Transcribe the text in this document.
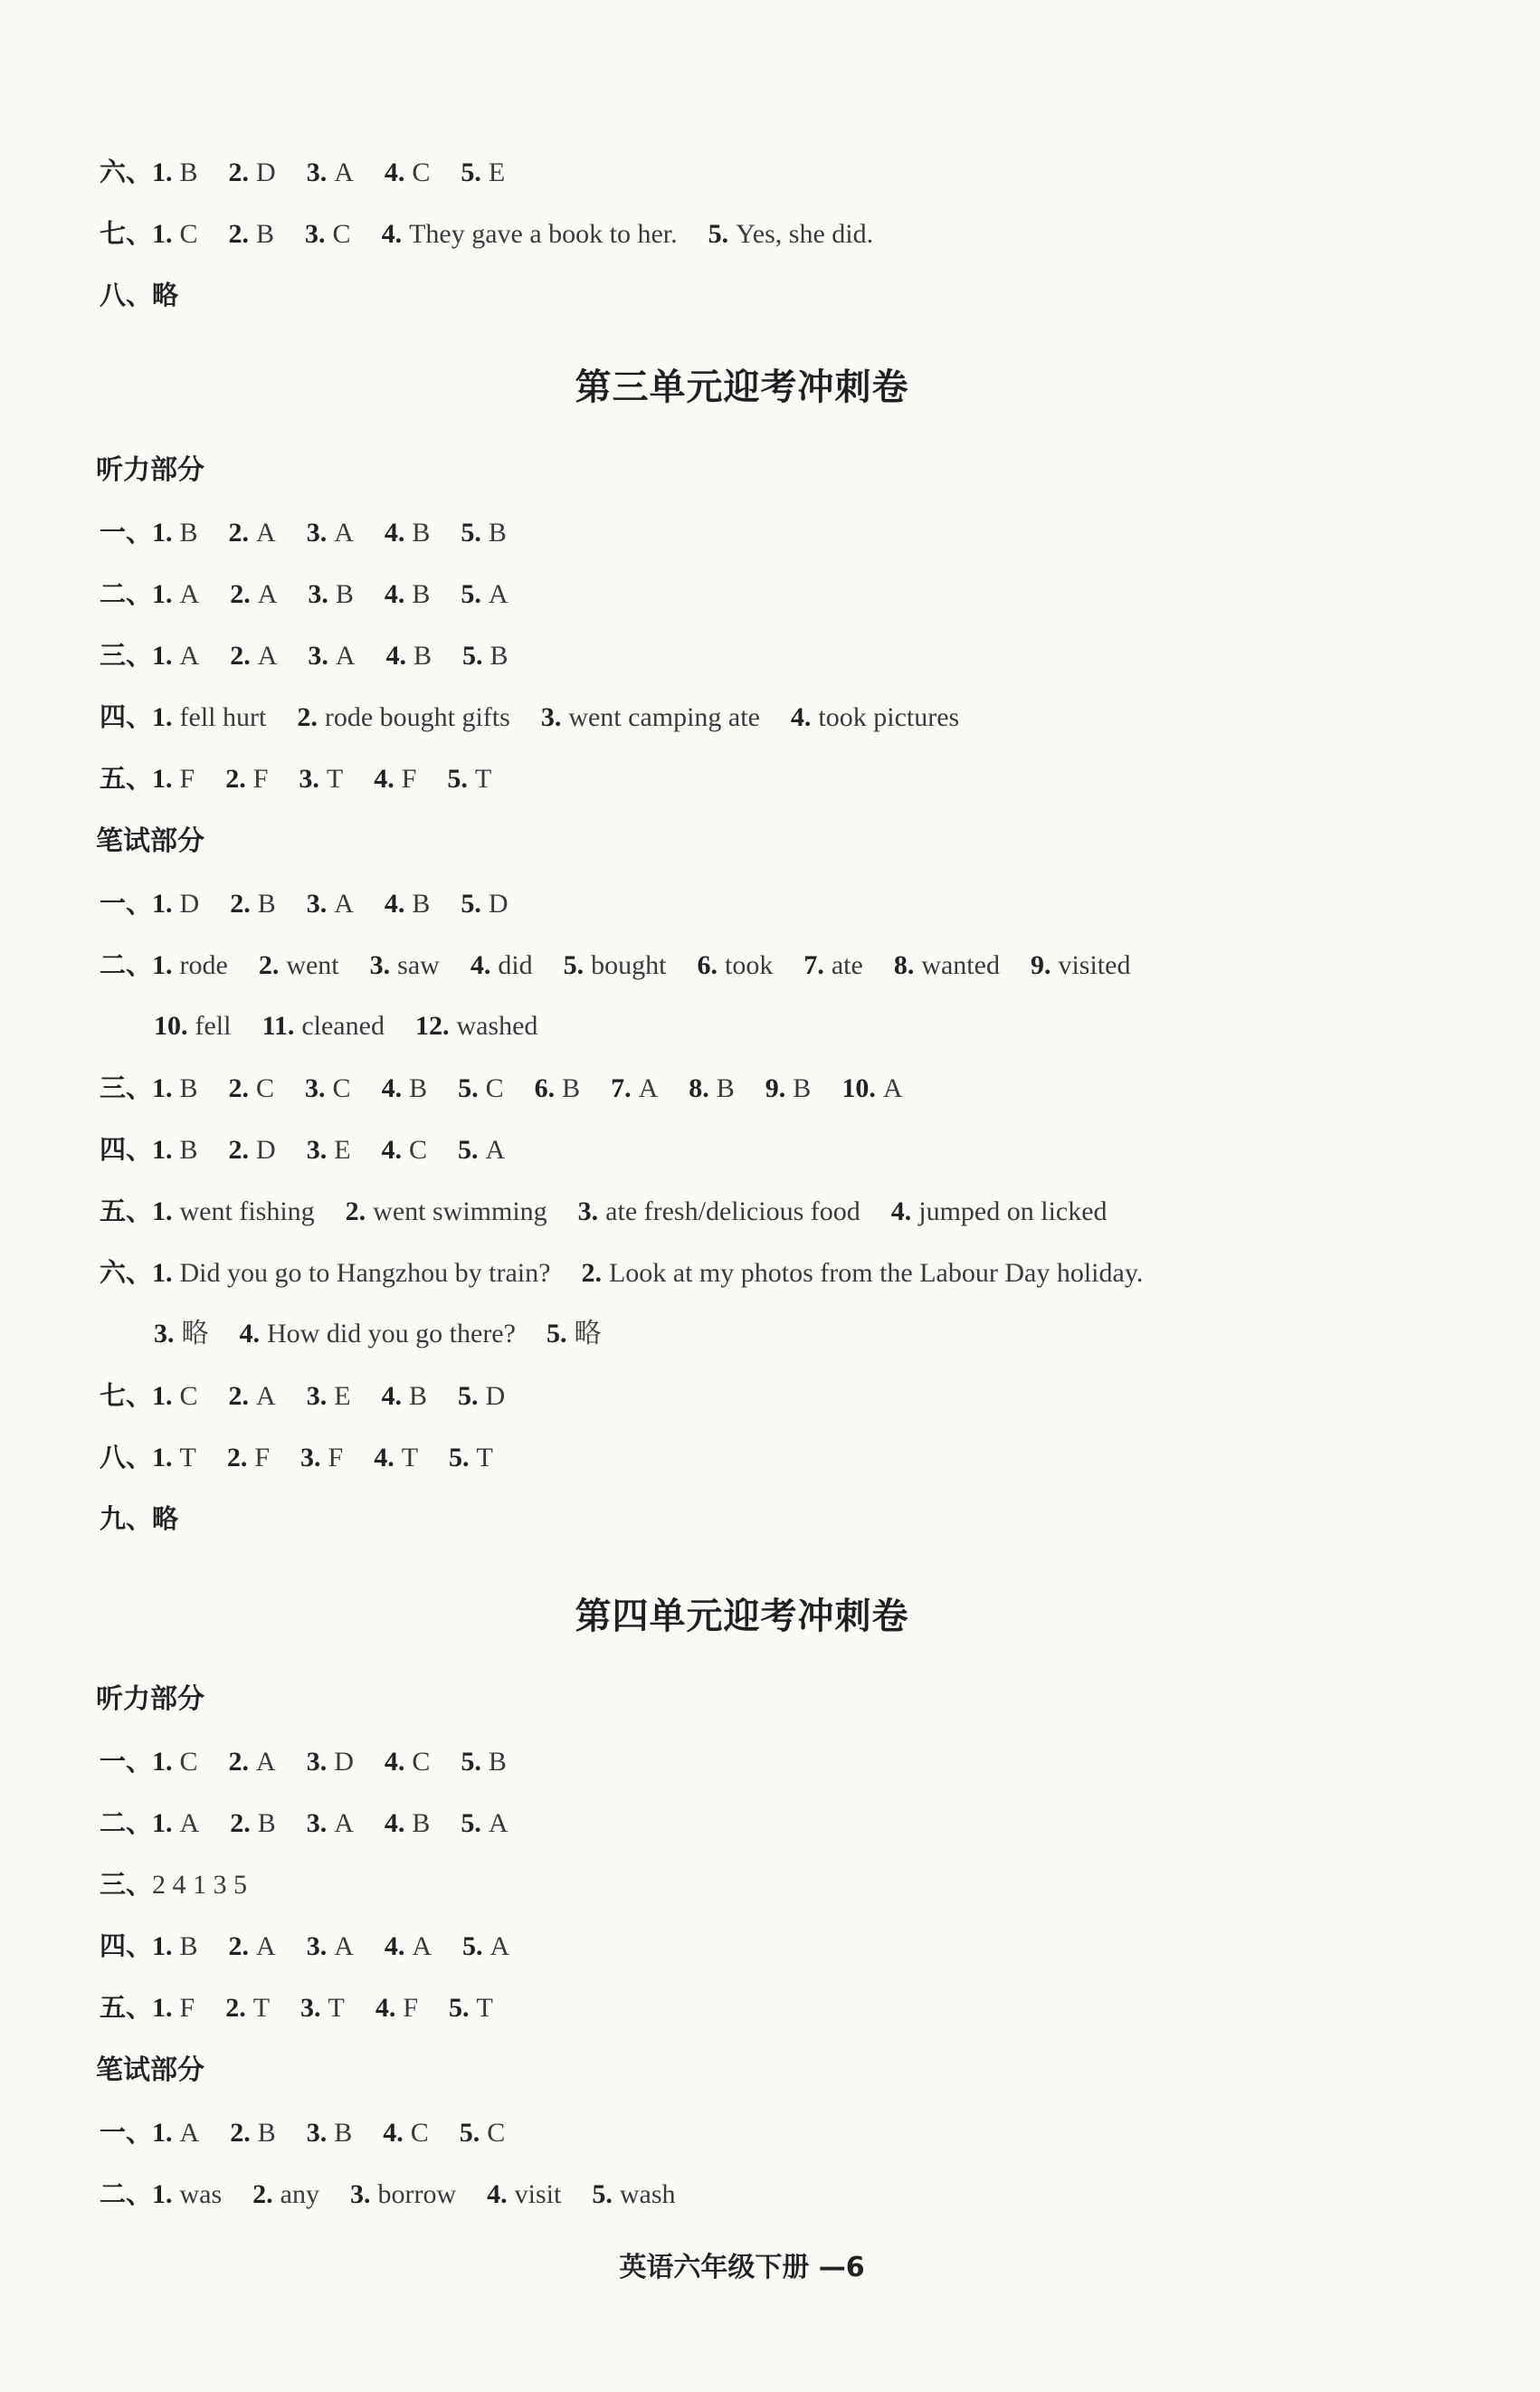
六、1. B 2. D 3. A 4. C 5. E
七、1. C 2. B 3. C 4. They gave a book to her. 5. Yes, she did.
八、略
第三单元迎考冲刺卷
听力部分
一、1. B 2. A 3. A 4. B 5. B
二、1. A 2. A 3. B 4. B 5. A
三、1. A 2. A 3. A 4. B 5. B
四、1. fell hurt 2. rode bought gifts 3. went camping ate 4. took pictures
五、1. F 2. F 3. T 4. F 5. T
笔试部分
一、1. D 2. B 3. A 4. B 5. D
二、1. rode 2. went 3. saw 4. did 5. bought 6. took 7. ate 8. wanted 9. visited
10. fell 11. cleaned 12. washed
三、1. B 2. C 3. C 4. B 5. C 6. B 7. A 8. B 9. B 10. A
四、1. B 2. D 3. E 4. C 5. A
五、1. went fishing 2. went swimming 3. ate fresh/delicious food 4. jumped on licked
六、1. Did you go to Hangzhou by train? 2. Look at my photos from the Labour Day holiday.
3. 略 4. How did you go there? 5. 略
七、1. C 2. A 3. E 4. B 5. D
八、1. T 2. F 3. F 4. T 5. T
九、略
第四单元迎考冲刺卷
听力部分
一、1. C 2. A 3. D 4. C 5. B
二、1. A 2. B 3. A 4. B 5. A
三、2 4 1 3 5
四、1. B 2. A 3. A 4. A 5. A
五、1. F 2. T 3. T 4. F 5. T
笔试部分
一、1. A 2. B 3. B 4. C 5. C
二、1. was 2. any 3. borrow 4. visit 5. wash
英语六年级下册 —6
